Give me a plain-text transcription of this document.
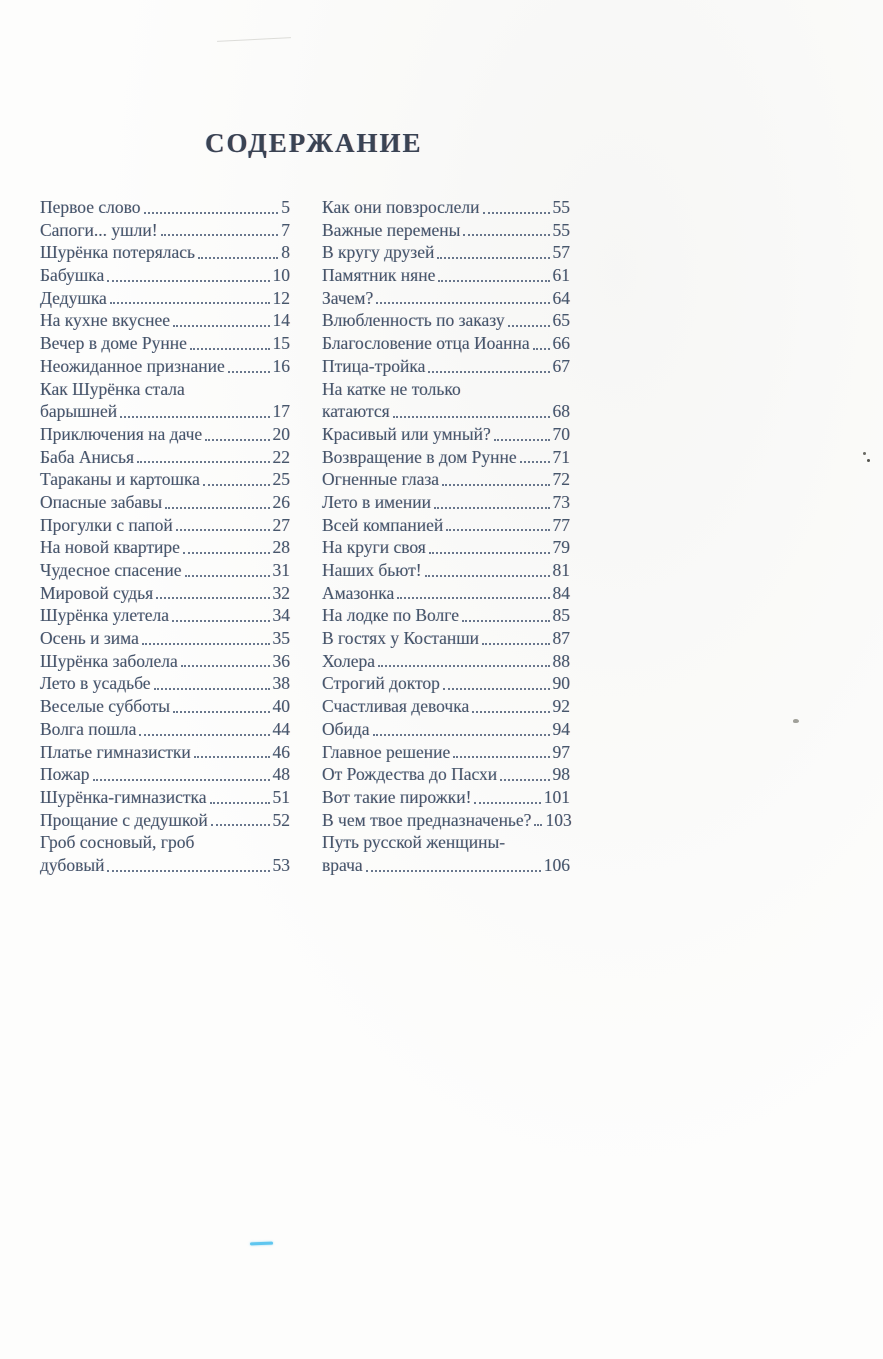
СОДЕРЖАНИЕ
Первое слово	5
Сапоги... ушли!	7
Шурёнка потерялась	8
Бабушка	10
Дедушка	12
На кухне вкуснее	14
Вечер в доме Рунне	15
Неожиданное признание	16
Как Шурёнка стала
барышней	17
Приключения на даче	20
Баба Анисья	22
Тараканы и картошка	25
Опасные забавы	26
Прогулки с папой	27
На новой квартире	28
Чудесное спасение	31
Мировой судья	32
Шурёнка улетела	34
Осень и зима	35
Шурёнка заболела	36
Лето в усадьбе	38
Веселые субботы	40
Волга пошла	44
Платье гимназистки	46
Пожар	48
Шурёнка-гимназистка	51
Прощание с дедушкой	52
Гроб сосновый, гроб
дубовый	53
Как они повзрослели	55
Важные перемены	55
В кругу друзей	57
Памятник няне	61
Зачем?	64
Влюбленность по заказу	65
Благословение отца Иоанна 66
Птица-тройка	67
На катке не только
катаются	68
Красивый или умный?	70
Возвращение в дом Рунне 71
Огненные глаза	72
Лето в имении	73
Всей компанией	77
На круги своя	79
Наших бьют!	81
Амазонка	84
На лодке по Волге	85
В гостях у Костанши	87
Холера	88
Строгий доктор	90
Счастливая девочка	92
Обида	94
Главное решение	97
От Рождества до Пасхи	98
Вот такие пирожки!	101
В чем твое предназначенье? 103
Путь русской женщины-
врача	106
